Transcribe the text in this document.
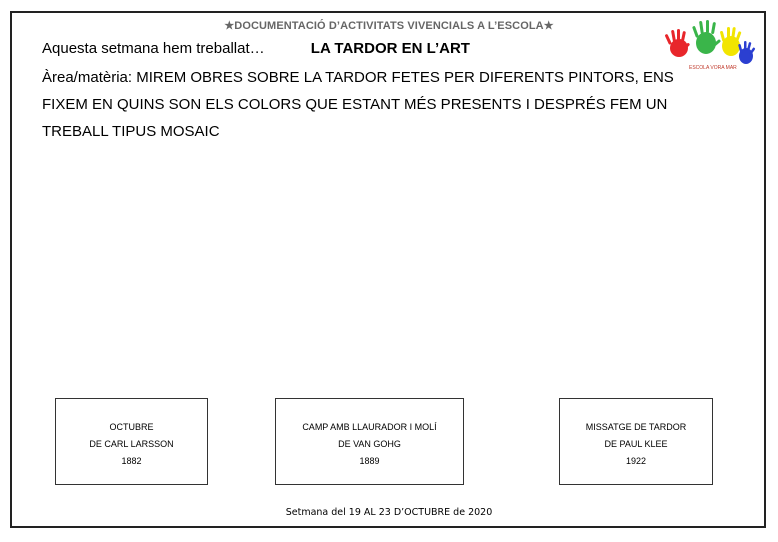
★DOCUMENTACIÓ D’ACTIVITATS VIVENCIALS A L’ESCOLA★
Aquesta setmana hem treballat…	LA TARDOR EN L’ART
Àrea/matèria: MIREM OBRES SOBRE LA TARDOR FETES PER DIFERENTS PINTORS, ENS FIXEM EN QUINS SON ELS COLORS QUE ESTANT MÉS PRESENTS I DESPRÉS FEM UN TREBALL TIPUS MOSAIC
ESCOLA VORA MAR
OCTUBRE
DE CARL LARSSON
1882
CAMP AMB LLAURADOR I MOLÍ
DE VAN GOHG
1889
MISSATGE DE TARDOR
DE PAUL KLEE
1922
Setmana del 19 AL 23 D’OCTUBRE de 2020
